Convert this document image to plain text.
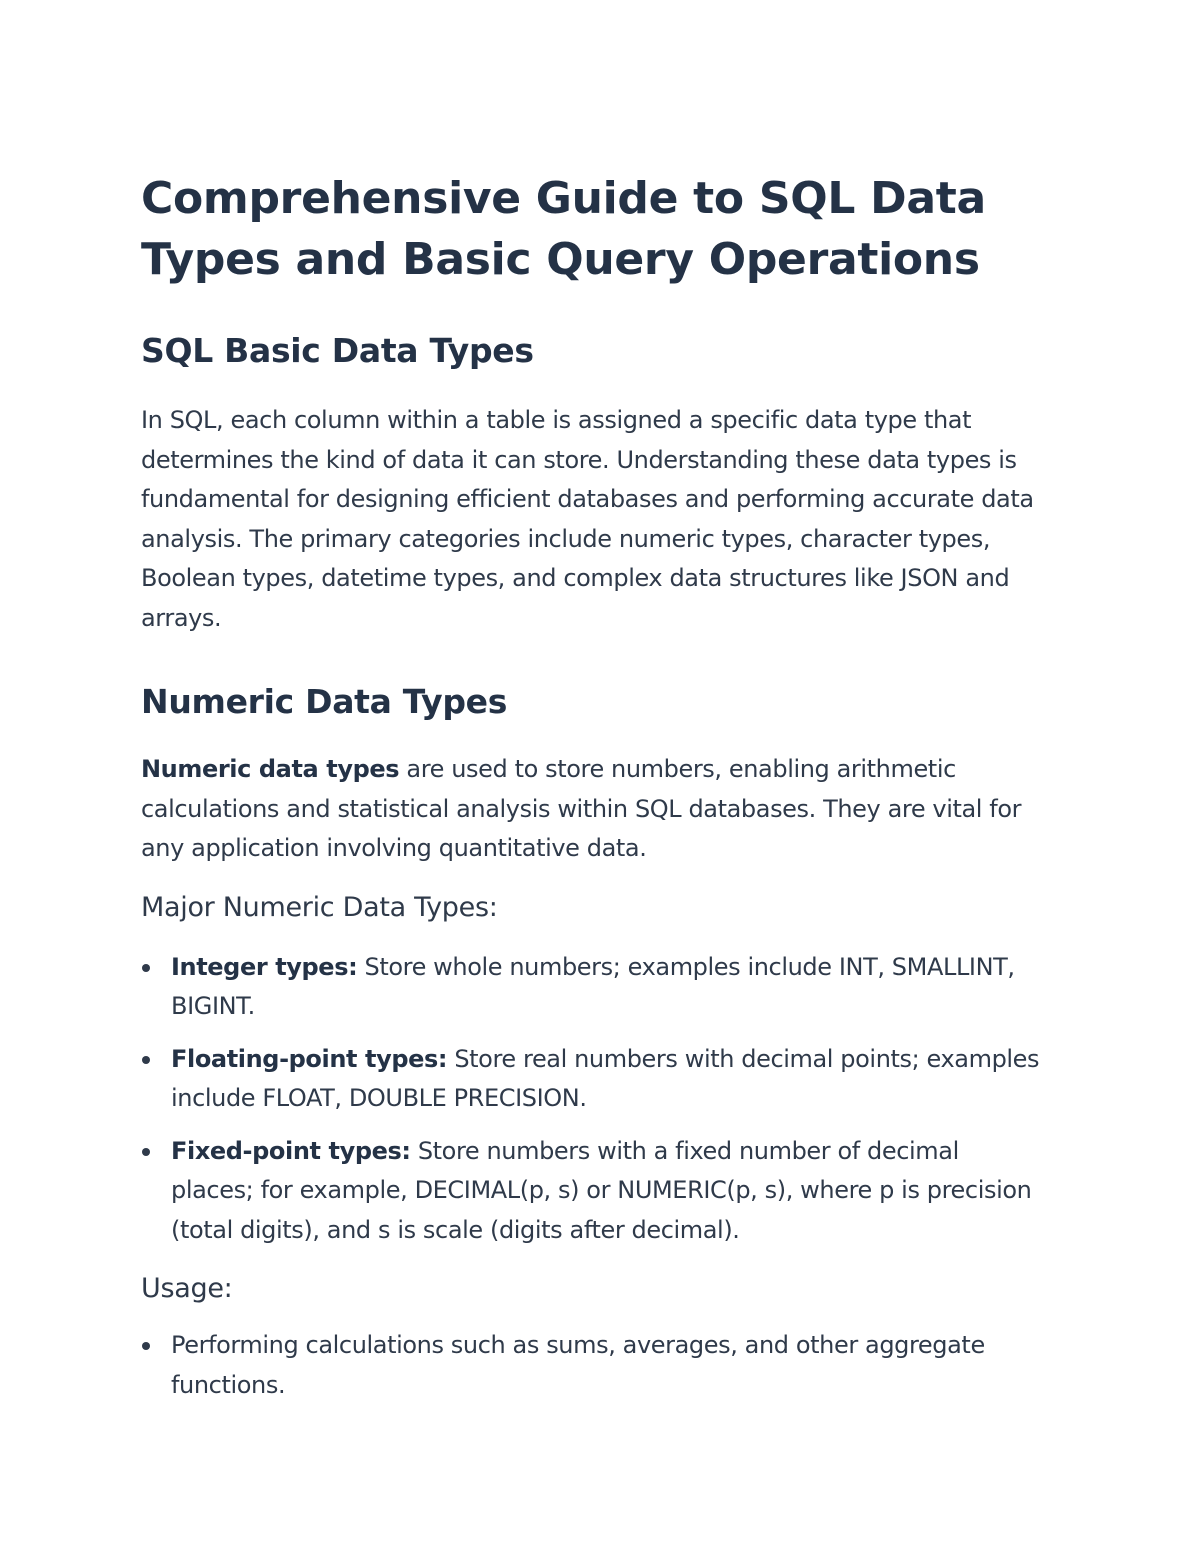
Comprehensive Guide to SQL Data Types and Basic Query Operations
SQL Basic Data Types

In SQL, each column within a table is assigned a specific data type that determines the kind of data it can store. Understanding these data types is fundamental for designing efficient databases and performing accurate data analysis. The primary categories include numeric types, character types, Boolean types, datetime types, and complex data structures like JSON and arrays.

Numeric Data Types

Numeric data types are used to store numbers, enabling arithmetic calculations and statistical analysis within SQL databases. They are vital for any application involving quantitative data.

Major Numeric Data Types:
Integer types: Store whole numbers; examples include INT, SMALLINT, BIGINT.
Floating-point types: Store real numbers with decimal points; examples include FLOAT, DOUBLE PRECISION.
Fixed-point types: Store numbers with a fixed number of decimal places; for example, DECIMAL(p, s) or NUMERIC(p, s), where p is precision (total digits), and s is scale (digits after decimal).
Usage:
Performing calculations such as sums, averages, and other aggregate functions.
